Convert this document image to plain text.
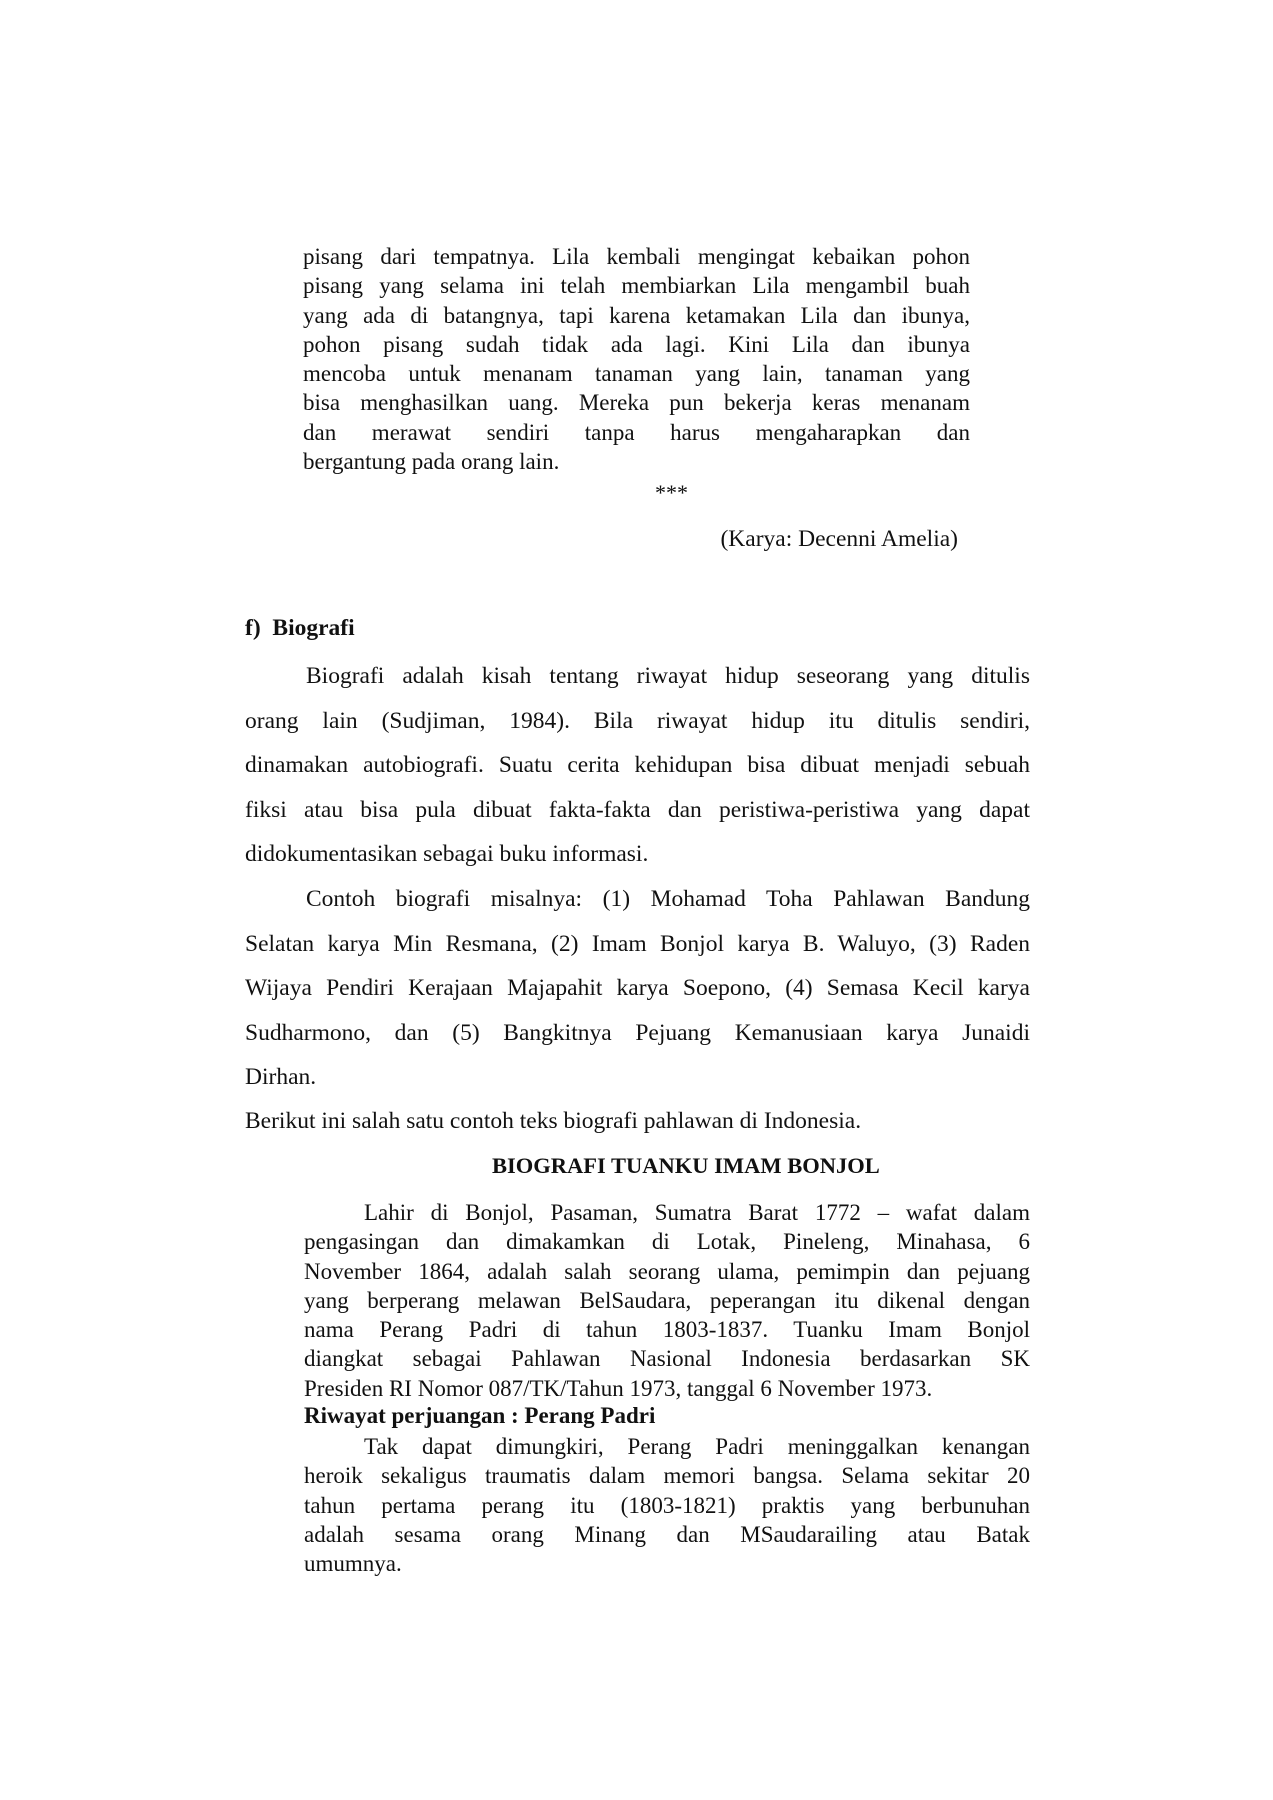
pisang dari tempatnya. Lila kembali mengingat kebaikan pohon
pisang yang selama ini telah membiarkan Lila mengambil buah
yang ada di batangnya, tapi karena ketamakan Lila dan ibunya,
pohon pisang sudah tidak ada lagi. Kini Lila dan ibunya
mencoba untuk menanam tanaman yang lain, tanaman yang
bisa menghasilkan uang. Mereka pun bekerja keras menanam
dan merawat sendiri tanpa harus mengaharapkan dan
bergantung pada orang lain.
***
(Karya: Decenni Amelia)
f)  Biografi
Biografi adalah kisah tentang riwayat hidup seseorang yang ditulis
orang lain (Sudjiman, 1984). Bila riwayat hidup itu ditulis sendiri,
dinamakan autobiografi. Suatu cerita kehidupan bisa dibuat menjadi sebuah
fiksi atau bisa pula dibuat fakta-fakta dan peristiwa-peristiwa yang dapat
didokumentasikan sebagai buku informasi.
Contoh biografi misalnya: (1) Mohamad Toha Pahlawan Bandung
Selatan karya Min Resmana, (2) Imam Bonjol karya B. Waluyo, (3) Raden
Wijaya Pendiri Kerajaan Majapahit karya Soepono, (4) Semasa Kecil karya
Sudharmono, dan (5) Bangkitnya Pejuang Kemanusiaan karya Junaidi
Dirhan.
Berikut ini salah satu contoh teks biografi pahlawan di Indonesia.
BIOGRAFI TUANKU IMAM BONJOL
Lahir di Bonjol, Pasaman, Sumatra Barat 1772 – wafat dalam
pengasingan dan dimakamkan di Lotak, Pineleng, Minahasa, 6
November 1864, adalah salah seorang ulama, pemimpin dan pejuang
yang berperang melawan BelSaudara, peperangan itu dikenal dengan
nama Perang Padri di tahun 1803-1837. Tuanku Imam Bonjol
diangkat sebagai Pahlawan Nasional Indonesia berdasarkan SK
Presiden RI Nomor 087/TK/Tahun 1973, tanggal 6 November 1973.
Riwayat perjuangan : Perang Padri
Tak dapat dimungkiri, Perang Padri meninggalkan kenangan
heroik sekaligus traumatis dalam memori bangsa. Selama sekitar 20
tahun pertama perang itu (1803-1821) praktis yang berbunuhan
adalah sesama orang Minang dan MSaudarailing atau Batak
umumnya.
